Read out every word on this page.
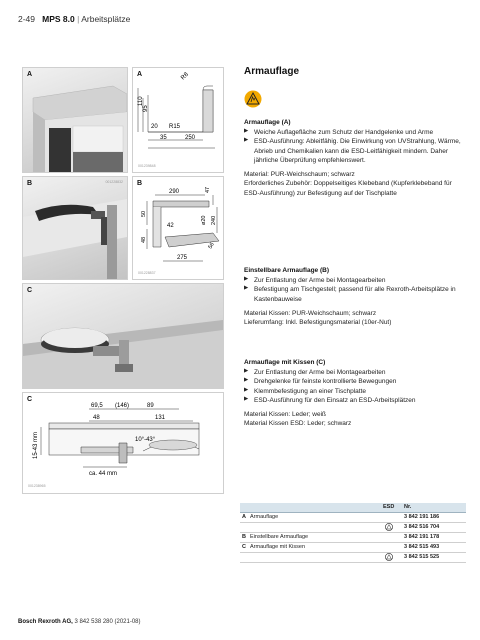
2-49 MPS 8.0 | Arbeitsplätze
A	A
95
110
R8
20 R15
35	250
001239848
B	001228832 B
290	47
50
42
48
ø20 240
56
275
001228837
C
C
15-43 mm
69,5 (146)	89
48	131
10°-43°
ca. 44 mm
001238965
Armauflage
Armauflage (A)
▶ Weiche Auflagefläche zum Schutz der Handgelenke und Arme
▶ ESD-Ausführung: Ableitfähig. Die Einwirkung von UVStrahlung, Wärme, Abrieb und Chemikalien kann die ESD-Leitfähigkeit mindern. Daher jährliche Überprüfung empfehlenswert.
Material: PUR-Weichschaum; schwarz
Erforderliches Zubehör: Doppelseitiges Klebeband (Kupferklebeband für ESD-Ausführung) zur Befestigung auf der Tischplatte
Einstellbare Armauflage (B)
▶ Zur Entlastung der Arme bei Montagearbeiten
▶ Befestigung am Tischgestell; passend für alle Rexroth-Arbeitsplätze in Kastenbauweise
Material Kissen: PUR-Weichschaum; schwarz
Lieferumfang: Inkl. Befestigungsmaterial (10er-Nut)
Armauflage mit Kissen (C)
▶ Zur Entlastung der Arme bei Montagearbeiten
▶ Drehgelenke für feinste kontrollierte Bewegungen
▶ Klemmbefestigung an einer Tischplatte
▶ ESD-Ausführung für den Einsatz an ESD-Arbeitsplätzen
Material Kissen: Leder; weiß
Material Kissen ESD: Leder; schwarz
ESD Nr.
A Armauflage	3 842 191 186
3 842 516 704
B Einstellbare Armauflage	3 842 191 178
C Armauflage mit Kissen	3 842 515 493
3 842 515 525
Bosch Rexroth AG, 3 842 538 280 (2021-08)
